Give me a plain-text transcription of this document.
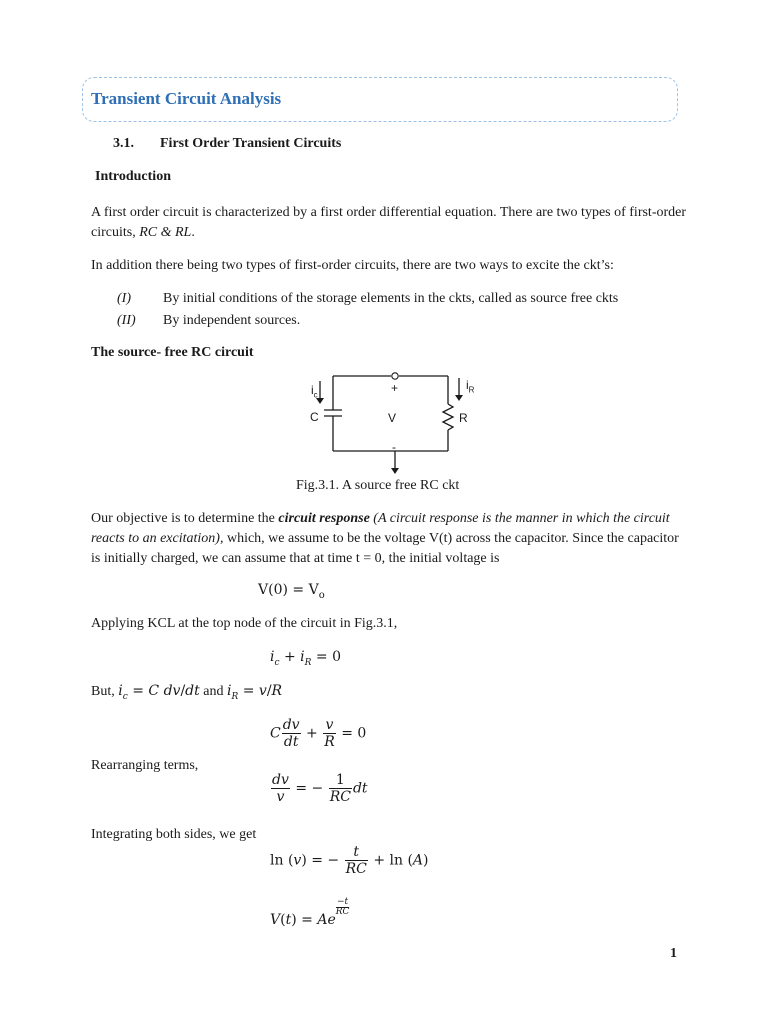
Transient Circuit Analysis
3.1. First Order Transient Circuits
Introduction
A first order circuit is characterized by a first order differential equation. There are two types of first-order circuits, RC & RL.
In addition there being two types of first-order circuits, there are two ways to excite the ckt’s:
(I) By initial conditions of the storage elements in the ckts, called as source free ckts
(II) By independent sources.
The source- free RC circuit
$i_c$
$i_R$
C	V	R
+
-
Fig.3.1. A source free RC ckt
Our objective is to determine the circuit response (A circuit response is the manner in which the circuit reacts to an excitation), which, we assume to be the voltage V(t) across the capacitor. Since the capacitor is initially charged, we can assume that at time t = 0, the initial voltage is
$V(0) = V_o$
Applying KCL at the top node of the circuit in Fig.3.1,
$i_c + i_R = 0$
But, $i_c = C$ dv/dt and $i_R = v/R$
C $\frac{dv}{dt} + \frac{v}{R} = 0$
Rearranging terms,
$\frac{dv}{v}$ = − $\frac{1}{RC}$ dt
Integrating both sides, we get
ln (v) = − $\frac{t}{RC} + \ln (A)$
V(t) = Ae
$\frac{-t}{RC}$
1
